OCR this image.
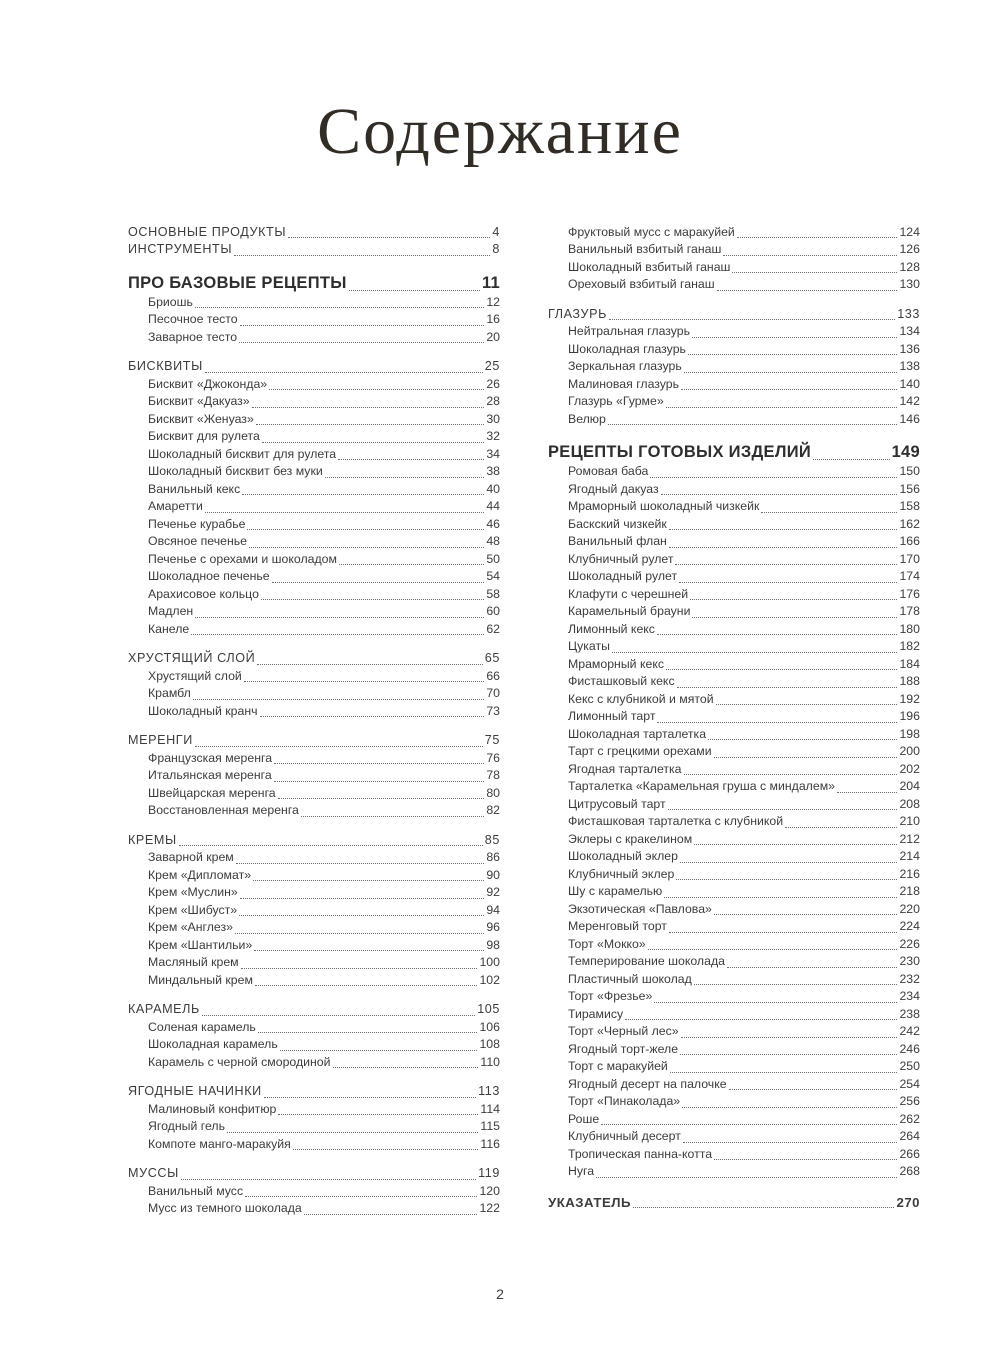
Содержание
ОСНОВНЫЕ ПРОДУКТЫ	4
ИНСТРУМЕНТЫ	8
ПРО БАЗОВЫЕ РЕЦЕПТЫ	11
Бриошь	12
Песочное тесто	16
Заварное тесто	20
БИСКВИТЫ	25
Бисквит «Джоконда»	26
Бисквит «Дакуаз»	28
Бисквит «Женуаз»	30
Бисквит для рулета	32
Шоколадный бисквит для рулета	34
Шоколадный бисквит без муки	38
Ванильный кекс	40
Амаретти	44
Печенье курабье	46
Овсяное печенье	48
Печенье с орехами и шоколадом	50
Шоколадное печенье	54
Арахисовое кольцо	58
Мадлен	60
Канеле	62
ХРУСТЯЩИЙ СЛОЙ	65
Хрустящий слой	66
Крамбл	70
Шоколадный кранч	73
МЕРЕНГИ	75
Французская меренга	76
Итальянская меренга	78
Швейцарская меренга	80
Восстановленная меренга	82
КРЕМЫ	85
Заварной крем	86
Крем «Дипломат»	90
Крем «Муслин»	92
Крем «Шибуст»	94
Крем «Англез»	96
Крем «Шантильи»	98
Масляный крем	100
Миндальный крем	102
КАРАМЕЛЬ	105
Соленая карамель	106
Шоколадная карамель	108
Карамель с черной смородиной	110
ЯГОДНЫЕ НАЧИНКИ	113
Малиновый конфитюр	114
Ягодный гель	115
Компоте манго-маракуйя	116
МУССЫ	119
Ванильный мусс	120
Мусс из темного шоколада	122
Фруктовый мусс с маракуйей	124
Ванильный взбитый ганаш	126
Шоколадный взбитый ганаш	128
Ореховый взбитый ганаш	130
ГЛАЗУРЬ	133
Нейтральная глазурь	134
Шоколадная глазурь	136
Зеркальная глазурь	138
Малиновая глазурь	140
Глазурь «Гурме»	142
Велюр	146
РЕЦЕПТЫ ГОТОВЫХ ИЗДЕЛИЙ	149
Ромовая баба	150
Ягодный дакуаз	156
Мраморный шоколадный чизкейк	158
Баскский чизкейк	162
Ванильный флан	166
Клубничный рулет	170
Шоколадный рулет	174
Клафути с черешней	176
Карамельный брауни	178
Лимонный кекс	180
Цукаты	182
Мраморный кекс	184
Фисташковый кекс	188
Кекс с клубникой и мятой	192
Лимонный тарт	196
Шоколадная тарталетка	198
Тарт с грецкими орехами	200
Ягодная тарталетка	202
Тарталетка «Карамельная груша с миндалем»	204
Цитрусовый тарт	208
Фисташковая тарталетка с клубникой	210
Эклеры с кракелином	212
Шоколадный эклер	214
Клубничный эклер	216
Шу с карамелью	218
Экзотическая «Павлова»	220
Меренговый торт	224
Торт «Мокко»	226
Темперирование шоколада	230
Пластичный шоколад	232
Торт «Фрезье»	234
Тирамису	238
Торт «Черный лес»	242
Ягодный торт-желе	246
Торт с маракуйей	250
Ягодный десерт на палочке	254
Торт «Пинаколада»	256
Роше	262
Клубничный десерт	264
Тропическая панна-котта	266
Нуга	268
УКАЗАТЕЛЬ	270
2
